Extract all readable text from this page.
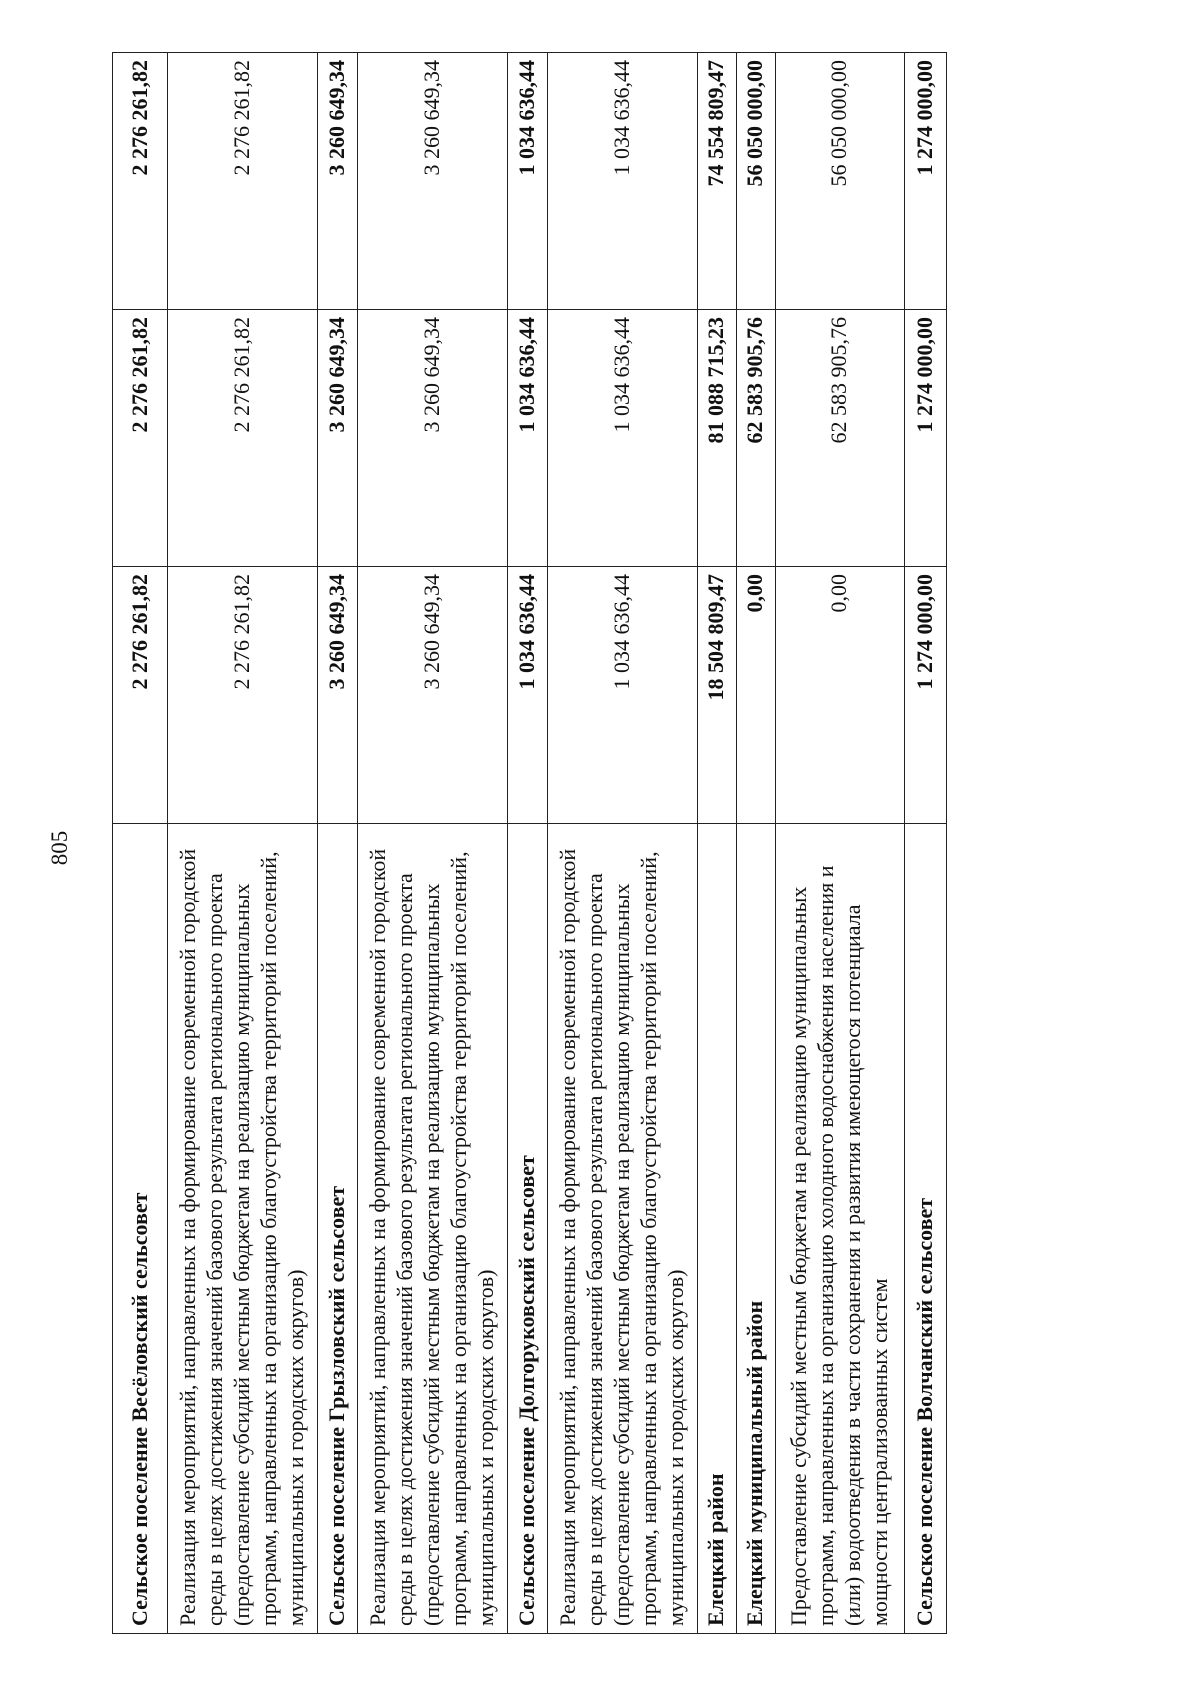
805
Сельское поселение Весёловский сельсовет	2 276 261,82	2 276 261,82	2 276 261,82
Реализация мероприятий, направленных на формирование современной городской
среды в целях достижения значений базового результата регионального проекта
(предоставление субсидий местным бюджетам на реализацию муниципальных
программ, направленных на организацию благоустройства территорий поселений,
муниципальных и городских округов)	2 276 261,82	2 276 261,82	2 276 261,82
Сельское поселение Грызловский сельсовет	3 260 649,34	3 260 649,34	3 260 649,34
Реализация мероприятий, направленных на формирование современной городской
среды в целях достижения значений базового результата регионального проекта
(предоставление субсидий местным бюджетам на реализацию муниципальных
программ, направленных на организацию благоустройства территорий поселений,
муниципальных и городских округов)	3 260 649,34	3 260 649,34	3 260 649,34
Сельское поселение Долгоруковский сельсовет	1 034 636,44	1 034 636,44	1 034 636,44
Реализация мероприятий, направленных на формирование современной городской
среды в целях достижения значений базового результата регионального проекта
(предоставление субсидий местным бюджетам на реализацию муниципальных
программ, направленных на организацию благоустройства территорий поселений,
муниципальных и городских округов)	1 034 636,44	1 034 636,44	1 034 636,44
Елецкий район	18 504 809,47	81 088 715,23	74 554 809,47
Елецкий муниципальный район	0,00	62 583 905,76	56 050 000,00
Предоставление субсидий местным бюджетам на реализацию муниципальных
программ, направленных на организацию холодного водоснабжения населения и
(или) водоотведения в части сохранения и развития имеющегося потенциала
мощности централизованных систем	0,00	62 583 905,76	56 050 000,00
Сельское поселение Волчанский сельсовет	1 274 000,00	1 274 000,00	1 274 000,00
